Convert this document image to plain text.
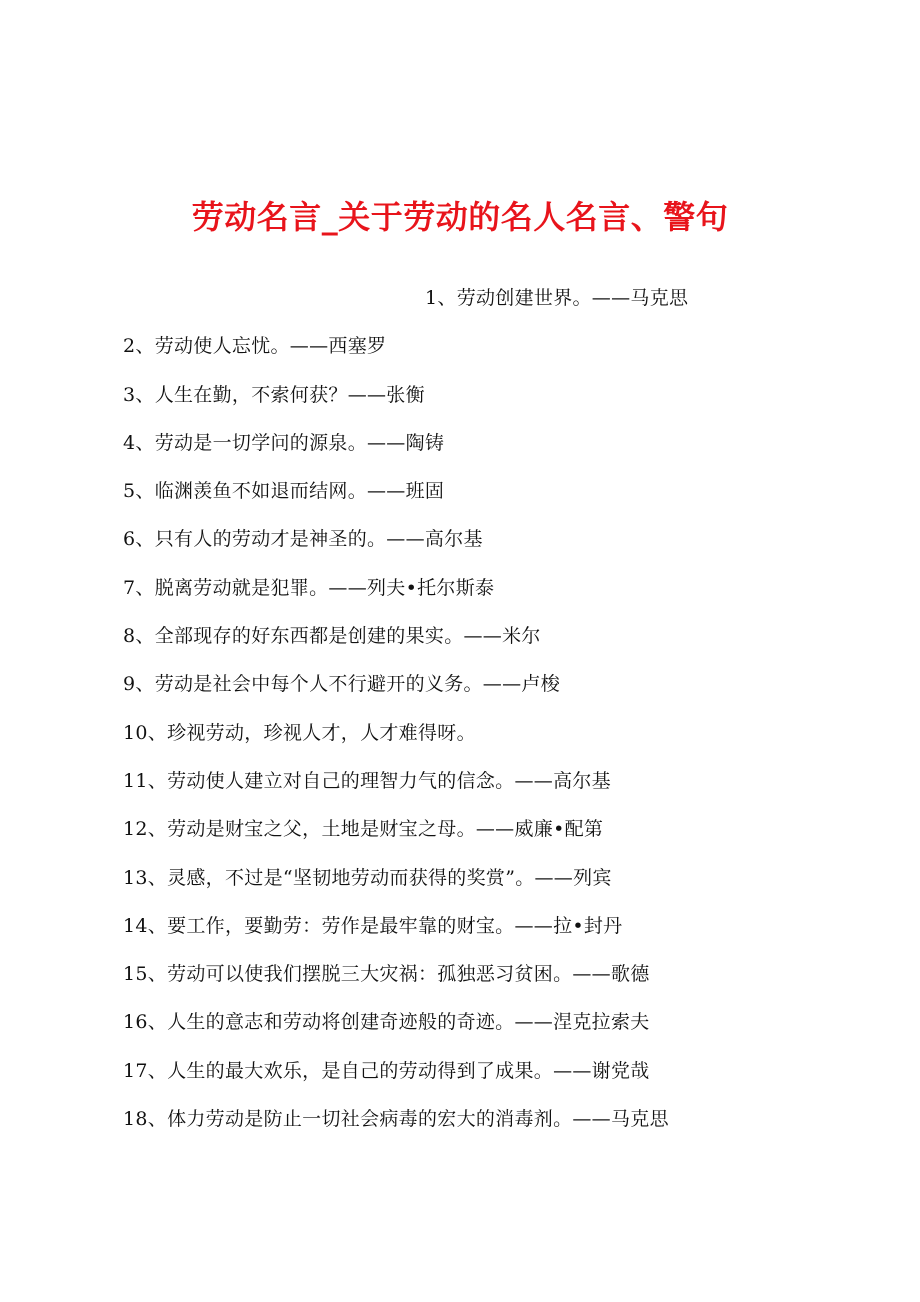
劳动名言_关于劳动的名人名言、警句
1、劳动创建世界。——马克思
2、劳动使人忘忧。——西塞罗
3、人生在勤，不索何获？——张衡
4、劳动是一切学问的源泉。——陶铸
5、临渊羡鱼不如退而结网。——班固
6、只有人的劳动才是神圣的。——高尔基
7、脱离劳动就是犯罪。——列夫•托尔斯泰
8、全部现存的好东西都是创建的果实。——米尔
9、劳动是社会中每个人不行避开的义务。——卢梭
10、珍视劳动，珍视人才，人才难得呀。
11、劳动使人建立对自己的理智力气的信念。——高尔基
12、劳动是财宝之父，土地是财宝之母。——威廉•配第
13、灵感，不过是“坚韧地劳动而获得的奖赏”。——列宾
14、要工作，要勤劳：劳作是最牢靠的财宝。——拉•封丹
15、劳动可以使我们摆脱三大灾祸：孤独恶习贫困。——歌德
16、人生的意志和劳动将创建奇迹般的奇迹。——涅克拉索夫
17、人生的最大欢乐，是自己的劳动得到了成果。——谢党哉
18、体力劳动是防止一切社会病毒的宏大的消毒剂。——马克思
